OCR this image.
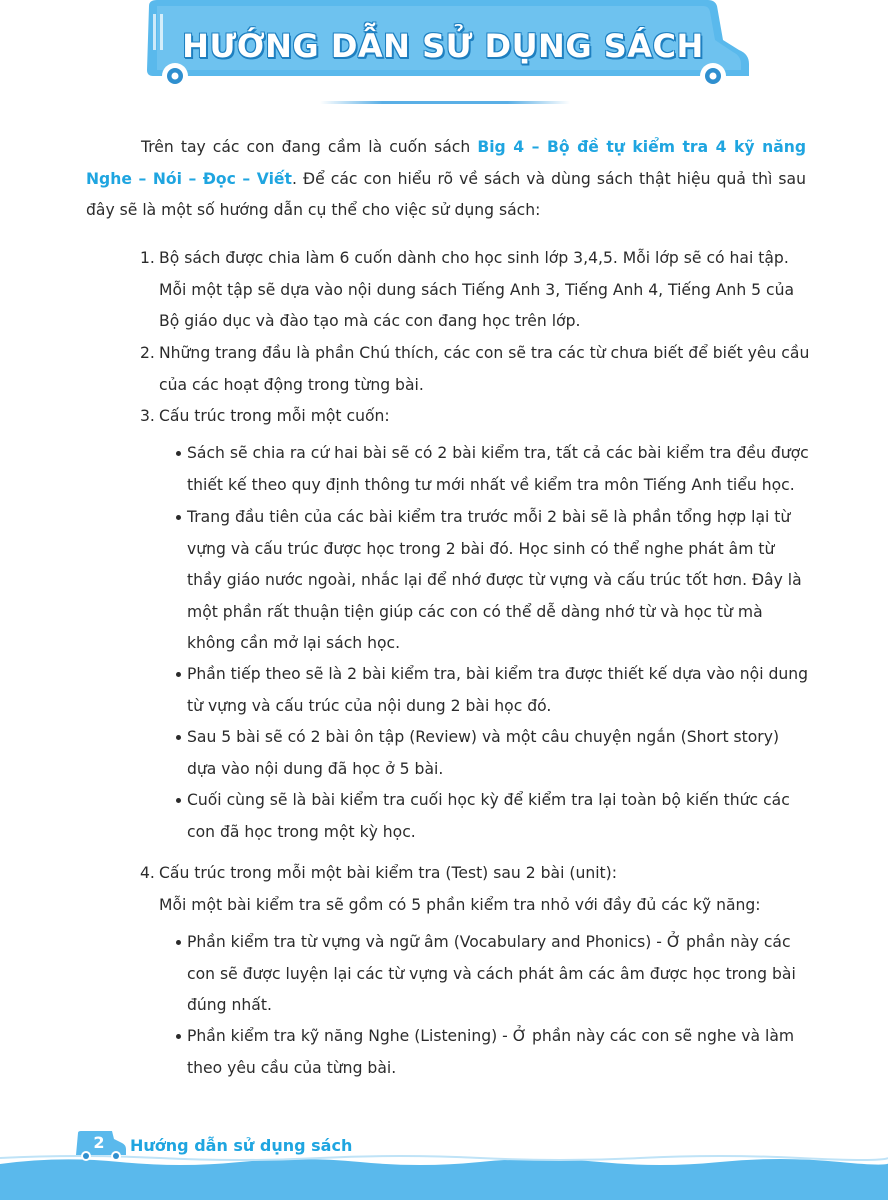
HƯỚNG DẪN SỬ DỤNG SÁCH

Trên tay các con đang cầm là cuốn sách Big 4 – Bộ đề tự kiểm tra 4 kỹ năng Nghe – Nói – Đọc – Viết. Để các con hiểu rõ về sách và dùng sách thật hiệu quả thì sau đây sẽ là một số hướng dẫn cụ thể cho việc sử dụng sách:

1. Bộ sách được chia làm 6 cuốn dành cho học sinh lớp 3,4,5. Mỗi lớp sẽ có hai tập. Mỗi một tập sẽ dựa vào nội dung sách Tiếng Anh 3, Tiếng Anh 4, Tiếng Anh 5 của Bộ giáo dục và đào tạo mà các con đang học trên lớp.
2. Những trang đầu là phần Chú thích, các con sẽ tra các từ chưa biết để biết yêu cầu của các hoạt động trong từng bài.
3. Cấu trúc trong mỗi một cuốn:
Sách sẽ chia ra cứ hai bài sẽ có 2 bài kiểm tra, tất cả các bài kiểm tra đều được thiết kế theo quy định thông tư mới nhất về kiểm tra môn Tiếng Anh tiểu học.
Trang đầu tiên của các bài kiểm tra trước mỗi 2 bài sẽ là phần tổng hợp lại từ vựng và cấu trúc được học trong 2 bài đó. Học sinh có thể nghe phát âm từ thầy giáo nước ngoài, nhắc lại để nhớ được từ vựng và cấu trúc tốt hơn. Đây là một phần rất thuận tiện giúp các con có thể dễ dàng nhớ từ và học từ mà không cần mở lại sách học.
Phần tiếp theo sẽ là 2 bài kiểm tra, bài kiểm tra được thiết kế dựa vào nội dung từ vựng và cấu trúc của nội dung 2 bài học đó.
Sau 5 bài sẽ có 2 bài ôn tập (Review) và một câu chuyện ngắn (Short story) dựa vào nội dung đã học ở 5 bài.
Cuối cùng sẽ là bài kiểm tra cuối học kỳ để kiểm tra lại toàn bộ kiến thức các con đã học trong một kỳ học.
4. Cấu trúc trong mỗi một bài kiểm tra (Test) sau 2 bài (unit):
Mỗi một bài kiểm tra sẽ gồm có 5 phần kiểm tra nhỏ với đầy đủ các kỹ năng:
Phần kiểm tra từ vựng và ngữ âm (Vocabulary and Phonics) - Ở phần này các con sẽ được luyện lại các từ vựng và cách phát âm các âm được học trong bài đúng nhất.
Phần kiểm tra kỹ năng Nghe (Listening) - Ở phần này các con sẽ nghe và làm theo yêu cầu của từng bài.
2	Hướng dẫn sử dụng sách
